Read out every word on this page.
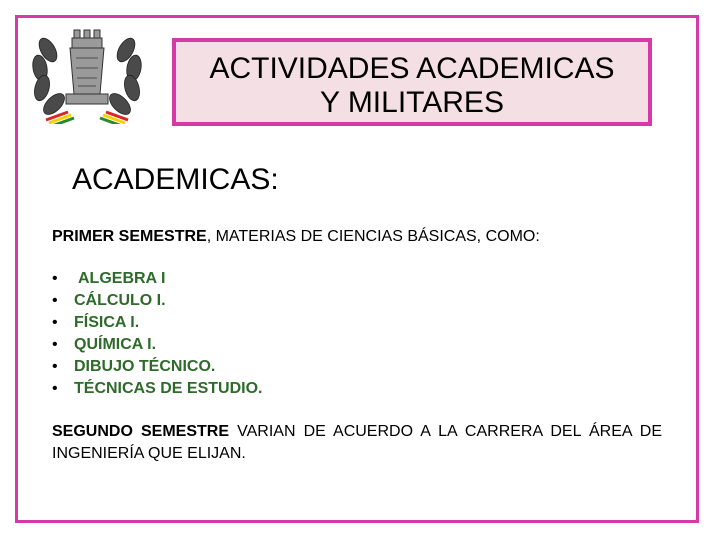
ACTIVIDADES ACADEMICAS
Y MILITARES
ACADEMICAS:
PRIMER SEMESTRE, MATERIAS DE CIENCIAS BÁSICAS, COMO:
•	ALGEBRA I
•	CÁLCULO I.
•	FÍSICA I.
•	QUÍMICA I.
•	DIBUJO TÉCNICO.
•	TÉCNICAS DE ESTUDIO.
SEGUNDO SEMESTRE VARIAN DE ACUERDO A LA CARRERA DEL ÁREA DE INGENIERÍA QUE ELIJAN.
